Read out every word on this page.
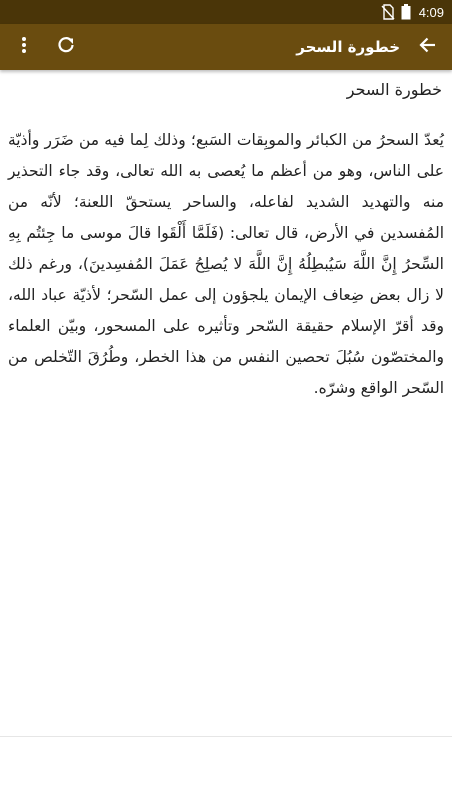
4:09
خطورة السحر
خطورة السحر

يُعدّ السحرُ من الكبائر والموبِقات السَبع؛ وذلك لِما فيه من ضَرَر وأذيّة على الناس، وهو من أعظم ما يُعصى به الله تعالى، وقد جاء التحذير منه والتهديد الشديد لفاعله، والساحر يستحقّ اللعنة؛ لأنّه من المُفسدين في الأرض، قال تعالى: (فَلَمَّا أَلْقَوا قالَ موسى ما جِئتُم بِهِ السِّحرُ إِنَّ اللَّهَ سَيُبطِلُهُ إِنَّ اللَّهَ لا يُصلِحُ عَمَلَ المُفسِدينَ)، ورغم ذلك لا زال بعض ضِعاف الإيمان يلجؤون إلى عمل السّحر؛ لأذيّة عباد الله، وقد أقرّ الإسلام حقيقة السّحر وتأثيره على المسحور، وبيّن العلماء والمختصّون سُبُلَ تحصين النفس من هذا الخطر، وطُرُقَ التّخلص من السّحر الواقع وشرّه.
